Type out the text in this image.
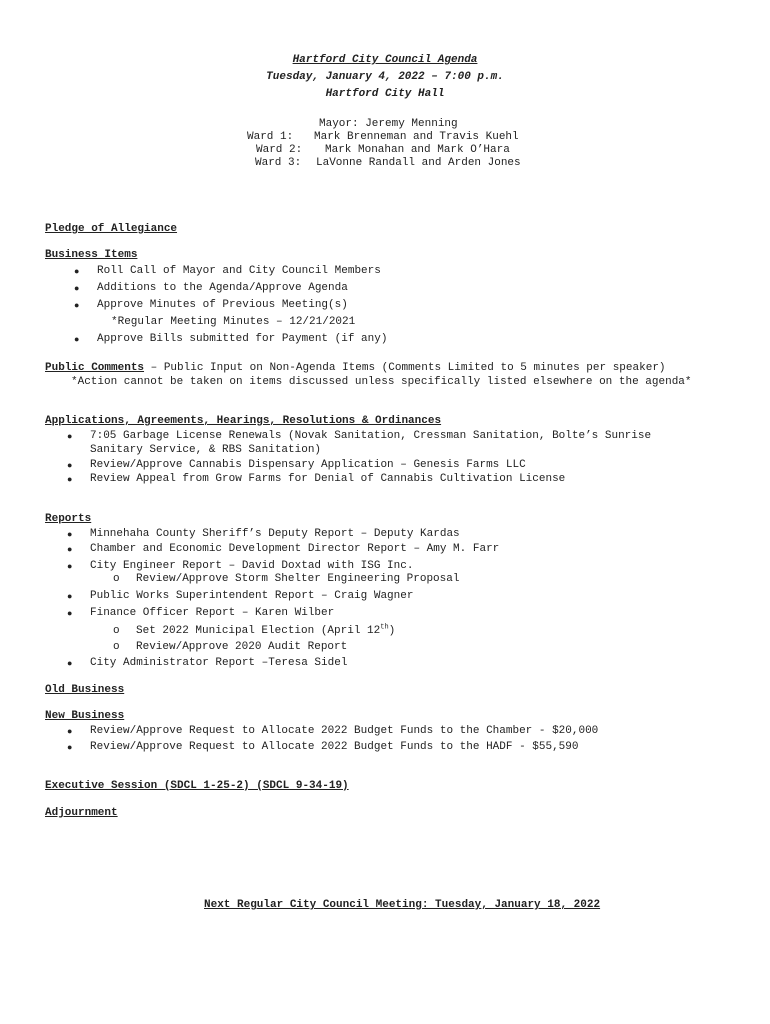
Hartford City Council Agenda
Tuesday, January 4, 2022 – 7:00 p.m.
Hartford City Hall
Mayor: Jeremy Menning
Ward 1: Mark Brenneman and Travis Kuehl
Ward 2: Mark Monahan and Mark O’Hara
Ward 3: LaVonne Randall and Arden Jones
Pledge of Allegiance
Business Items
● Roll Call of Mayor and City Council Members
● Additions to the Agenda/Approve Agenda
● Approve Minutes of Previous Meeting(s)
*Regular Meeting Minutes – 12/21/2021
● Approve Bills submitted for Payment (if any)
Public Comments – Public Input on Non-Agenda Items (Comments Limited to 5 minutes per speaker)
*Action cannot be taken on items discussed unless specifically listed elsewhere on the agenda*
Applications, Agreements, Hearings, Resolutions & Ordinances
● 7:05 Garbage License Renewals (Novak Sanitation, Cressman Sanitation, Bolte’s Sunrise
Sanitary Service, & RBS Sanitation)
● Review/Approve Cannabis Dispensary Application – Genesis Farms LLC
● Review Appeal from Grow Farms for Denial of Cannabis Cultivation License
Reports
● Minnehaha County Sheriff’s Deputy Report – Deputy Kardas
● Chamber and Economic Development Director Report – Amy M. Farr
● City Engineer Report – David Doxtad with ISG Inc.
o Review/Approve Storm Shelter Engineering Proposal
● Public Works Superintendent Report – Craig Wagner
● Finance Officer Report – Karen Wilber
o Set 2022 Municipal Election (April 12th)
o Review/Approve 2020 Audit Report
● City Administrator Report –Teresa Sidel
Old Business
New Business
● Review/Approve Request to Allocate 2022 Budget Funds to the Chamber - $20,000
● Review/Approve Request to Allocate 2022 Budget Funds to the HADF - $55,590
Executive Session (SDCL 1-25-2) (SDCL 9-34-19)
Adjournment
Next Regular City Council Meeting: Tuesday, January 18, 2022
